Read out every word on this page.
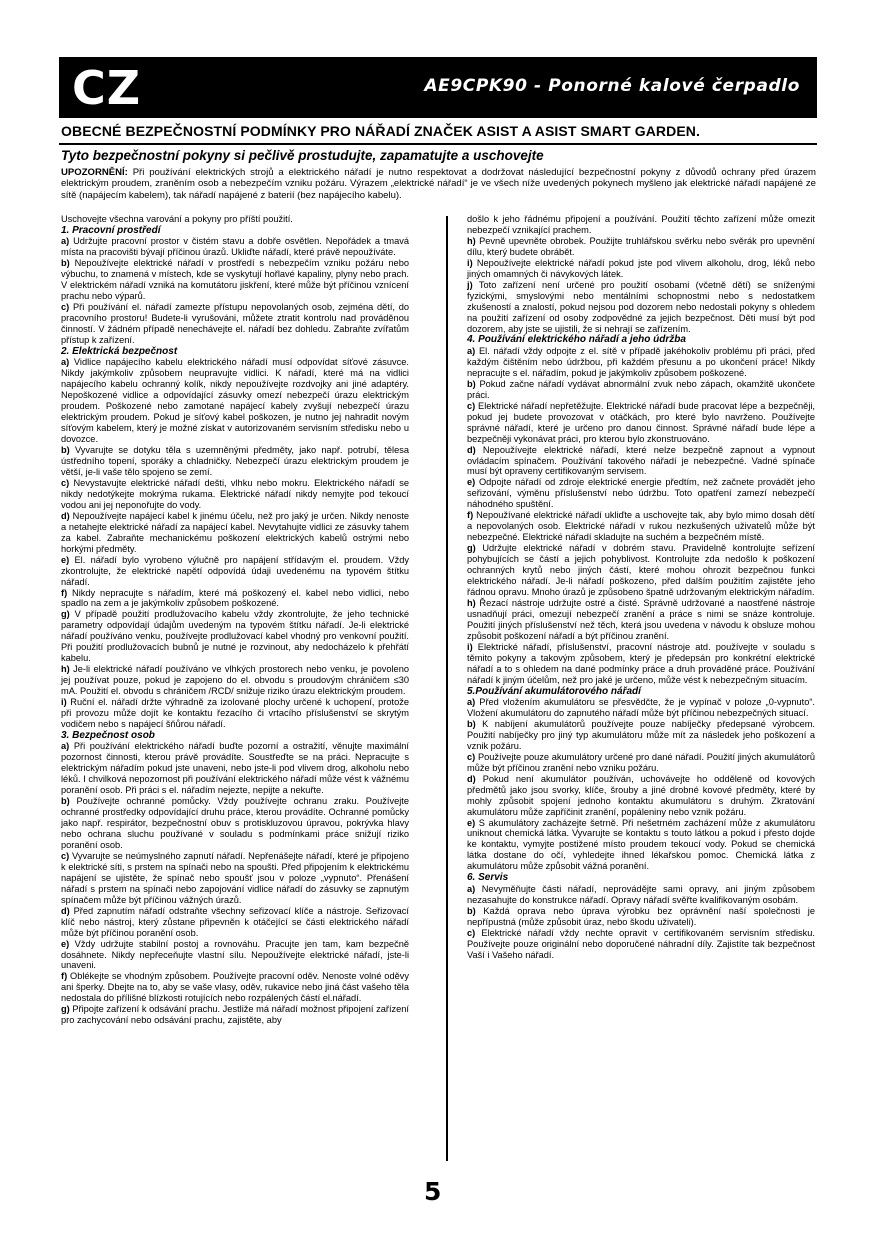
CZ	AE9CPK90 - Ponorné kalové čerpadlo
OBECNÉ BEZPEČNOSTNÍ PODMÍNKY PRO NÁŘADÍ ZNAČEK ASIST A ASIST SMART GARDEN.
Tyto bezpečnostní pokyny si pečlivě prostudujte, zapamatujte a uschovejte
UPOZORNĚNÍ: Při používání elektrických strojů a elektrického nářadí je nutno respektovat a dodržovat následující bezpečnostní pokyny z důvodů ochrany před úrazem elektrickým proudem, zraněním osob a nebezpečím vzniku požáru. Výrazem „elektrické nářadí“ je ve všech níže uvedených pokynech myšleno jak elektrické nářadí napájené ze sítě (napájecím kabelem), tak nářadí napájené z baterií (bez napájecího kabelu).

Uschovejte všechna varování a pokyny pro příští použití.

1. Pracovní prostředí

a) Udržujte pracovní prostor v čistém stavu a dobře osvětlen. Nepořádek a tmavá místa na pracovišti bývají příčinou úrazů. Ukliďte nářadí, které právě nepoužíváte.

b) Nepoužívejte elektrické nářadí v prostředí s nebezpečím vzniku požáru nebo výbuchu, to znamená v místech, kde se vyskytují hořlavé kapaliny, plyny nebo prach. V elektrickém nářadí vzniká na komutátoru jiskření, které může být příčinou vznícení prachu nebo výparů.

c) Při používání el. nářadí zamezte přístupu nepovolaných osob, zejména dětí, do pracovního prostoru! Budete-li vyrušováni, můžete ztratit kontrolu nad prováděnou činností. V žádném případě nenechávejte el. nářadí bez dohledu. Zabraňte zvířatům přístup k zařízení.

2. Elektrická bezpečnost

a) Vidlice napájecího kabelu elektrického nářadí musí odpovídat síťové zásuvce. Nikdy jakýmkoliv způsobem neupravujte vidlici. K nářadí, které má na vidlici napájecího kabelu ochranný kolík, nikdy nepoužívejte rozdvojky ani jiné adaptéry. Nepoškozené vidlice a odpovídající zásuvky omezí nebezpečí úrazu elektrickým proudem. Poškozené nebo zamotané napájecí kabely zvyšují nebezpečí úrazu elektrickým proudem. Pokud je síťový kabel poškozen, je nutno jej nahradit novým síťovým kabelem, který je možné získat v autorizovaném servisním středisku nebo u dovozce.

b) Vyvarujte se dotyku těla s uzemněnými předměty, jako např. potrubí, tělesa ústředního topení, sporáky a chladničky. Nebezpečí úrazu elektrickým proudem je větší, je-li vaše tělo spojeno se zemí.

c) Nevystavujte elektrické nářadí dešti, vlhku nebo mokru. Elektrického nářadí se nikdy nedotýkejte mokrýma rukama. Elektrické nářadí nikdy nemyjte pod tekoucí vodou ani jej neponořujte do vody.

d) Nepoužívejte napájecí kabel k jinému účelu, než pro jaký je určen. Nikdy nenoste a netahejte elektrické nářadí za napájecí kabel. Nevytahujte vidlici ze zásuvky tahem za kabel. Zabraňte mechanickému poškození elektrických kabelů ostrými nebo horkými předměty.

e) El. nářadí bylo vyrobeno výlučně pro napájení střídavým el. proudem. Vždy zkontrolujte, že elektrické napětí odpovídá údaji uvedenému na typovém štítku nářadí.

f) Nikdy nepracujte s nářadím, které má poškozený el. kabel nebo vidlici, nebo spadlo na zem a je jakýmkoliv způsobem poškozené.

g) V případě použití prodlužovacího kabelu vždy zkontrolujte, že jeho technické parametry odpovídají údajům uvedeným na typovém štítku nářadí. Je-li elektrické nářadí používáno venku, používejte prodlužovací kabel vhodný pro venkovní použití. Při použití prodlužovacích bubnů je nutné je rozvinout, aby nedocházelo k přehřátí kabelu.

h) Je-li elektrické nářadí používáno ve vlhkých prostorech nebo venku, je povoleno jej používat pouze, pokud je zapojeno do el. obvodu s proudovým chráničem ≤30 mA. Použití el. obvodu s chráničem /RCD/ snižuje riziko úrazu elektrickým proudem.

i) Ruční el. nářadí držte výhradně za izolované plochy určené k uchopení, protože při provozu může dojít ke kontaktu řezacího či vrtacího příslušenství se skrytým vodičem nebo s napájecí šňůrou nářadí.

3. Bezpečnost osob

a) Při používání elektrického nářadí buďte pozorní a ostražití, věnujte maximální pozornost činnosti, kterou právě provádíte. Soustřeďte se na práci. Nepracujte s elektrickým nářadím pokud jste unaveni, nebo jste-li pod vlivem drog, alkoholu nebo léků. I chvilková nepozornost při používání elektrického nářadí může vést k vážnému poranění osob. Při práci s el. nářadím nejezte, nepijte a nekuřte.

b) Používejte ochranné pomůcky. Vždy používejte ochranu zraku. Používejte ochranné prostředky odpovídající druhu práce, kterou provádíte. Ochranné pomůcky jako např. respirátor, bezpečnostní obuv s protiskluzovou úpravou, pokrývka hlavy nebo ochrana sluchu používané v souladu s podmínkami práce snižují riziko poranění osob.

c) Vyvarujte se neúmyslného zapnutí nářadí. Nepřenášejte nářadí, které je připojeno k elektrické síti, s prstem na spínači nebo na spoušti. Před připojením k elektrickému napájení se ujistěte, že spínač nebo spoušť jsou v poloze „vypnuto“. Přenášení nářadí s prstem na spínači nebo zapojování vidlice nářadí do zásuvky se zapnutým spínačem může být příčinou vážných úrazů.

d) Před zapnutím nářadí odstraňte všechny seřizovací klíče a nástroje. Seřizovací klíč nebo nástroj, který zůstane připevněn k otáčející se části elektrického nářadí může být příčinou poranění osob.

e) Vždy udržujte stabilní postoj a rovnováhu. Pracujte jen tam, kam bezpečně dosáhnete. Nikdy nepřeceňujte vlastní sílu. Nepoužívejte elektrické nářadí, jste-li unaveni.

f) Oblékejte se vhodným způsobem. Používejte pracovní oděv. Nenoste volné oděvy ani šperky. Dbejte na to, aby se vaše vlasy, oděv, rukavice nebo jiná část vašeho těla nedostala do přílišné blízkosti rotujících nebo rozpálených částí el.nářadí.

g) Připojte zařízení k odsávání prachu. Jestliže má nářadí možnost připojení zařízení pro zachycování nebo odsávání prachu, zajistěte, aby

došlo k jeho řádnému připojení a používání. Použití těchto zařízení může omezit nebezpečí vznikající prachem.

h) Pevně upevněte obrobek. Použijte truhlářskou svěrku nebo svěrák pro upevnění dílu, který budete obrábět.

i) Nepoužívejte elektrické nářadí pokud jste pod vlivem alkoholu, drog, léků nebo jiných omamných či návykových látek.

j) Toto zařízení není určené pro použití osobami (včetně dětí) se sníženými fyzickými, smyslovými nebo mentálními schopnostmi nebo s nedostatkem zkušeností a znalostí, pokud nejsou pod dozorem nebo nedostali pokyny s ohledem na použití zařízení od osoby zodpovědné za jejich bezpečnost. Děti musí být pod dozorem, aby jste se ujistili, že si nehrají se zařízením.

4. Používání elektrického nářadí a jeho údržba

a) El. nářadí vždy odpojte z el. sítě v případě jakéhokoliv problému při práci, před každým čištěním nebo údržbou, při každém přesunu a po ukončení práce! Nikdy nepracujte s el. nářadím, pokud je jakýmkoliv způsobem poškozené.

b) Pokud začne nářadí vydávat abnormální zvuk nebo zápach, okamžitě ukončete práci.

c) Elektrické nářadí nepřetěžujte. Elektrické nářadí bude pracovat lépe a bezpečněji, pokud jej budete provozovat v otáčkách, pro které bylo navrženo. Používejte správné nářadí, které je určeno pro danou činnost. Správné nářadí bude lépe a bezpečněji vykonávat práci, pro kterou bylo zkonstruováno.

d) Nepoužívejte elektrické nářadí, které nelze bezpečně zapnout a vypnout ovládacím spínačem. Používání takového nářadí je nebezpečné. Vadné spínače musí být opraveny certifikovaným servisem.

e) Odpojte nářadí od zdroje elektrické energie předtím, než začnete provádět jeho seřizování, výměnu příslušenství nebo údržbu. Toto opatření zamezí nebezpečí náhodného spuštění.

f) Nepoužívané elektrické nářadí ukliďte a uschovejte tak, aby bylo mimo dosah dětí a nepovolaných osob. Elektrické nářadí v rukou nezkušených uživatelů může být nebezpečné. Elektrické nářadí skladujte na suchém a bezpečném místě.

g) Udržujte elektrické nářadí v dobrém stavu. Pravidelně kontrolujte seřízení pohybujících se částí a jejich pohyblivost. Kontrolujte zda nedošlo k poškození ochranných krytů nebo jiných částí, které mohou ohrozit bezpečnou funkci elektrického nářadí. Je-li nářadí poškozeno, před dalším použitím zajistěte jeho řádnou opravu. Mnoho úrazů je způsobeno špatně udržovaným elektrickým nářadím.

h) Řezací nástroje udržujte ostré a čisté. Správně udržované a naostřené nástroje usnadňují práci, omezují nebezpečí zranění a práce s nimi se snáze kontroluje. Použití jiných příslušenství než těch, která jsou uvedena v návodu k obsluze mohou způsobit poškození nářadí a být příčinou zranění.

i) Elektrické nářadí, příslušenství, pracovní nástroje atd. používejte v souladu s těmito pokyny a takovým způsobem, který je předepsán pro konkrétní elektrické nářadí a to s ohledem na dané podmínky práce a druh prováděné práce. Používání nářadí k jiným účelům, než pro jaké je určeno, může vést k nebezpečným situacím.

5.Používání akumulátorového nářadí

a) Před vložením akumulátoru se přesvědčte, že je vypínač v poloze „0-vypnuto“. Vložení akumulátoru do zapnutého nářadí může být příčinou nebezpečných situací.

b) K nabíjení akumulátorů používejte pouze nabíječky předepsané výrobcem. Použití nabíječky pro jiný typ akumulátoru může mít za následek jeho poškození a vznik požáru.

c) Používejte pouze akumulátory určené pro dané nářadí. Použití jiných akumulátorů může být příčinou zranění nebo vzniku požáru.

d) Pokud není akumulátor používán, uchovávejte ho odděleně od kovových předmětů jako jsou svorky, klíče, šrouby a jiné drobné kovové předměty, které by mohly způsobit spojení jednoho kontaktu akumulátoru s druhým. Zkratování akumulátoru může zapříčinit zranění, popáleniny nebo vznik požáru.

e) S akumulátory zacházejte šetrně. Při nešetrném zacházení může z akumulátoru uniknout chemická látka. Vyvarujte se kontaktu s touto látkou a pokud i přesto dojde ke kontaktu, vymyjte postižené místo proudem tekoucí vody. Pokud se chemická látka dostane do očí, vyhledejte ihned lékařskou pomoc. Chemická látka z akumulátoru může způsobit vážná poranění.

6. Servis

a) Nevyměňujte části nářadí, neprovádějte sami opravy, ani jiným způsobem nezasahujte do konstrukce nářadí. Opravy nářadí svěřte kvalifikovaným osobám.

b) Každá oprava nebo úprava výrobku bez oprávnění naší společnosti je nepřípustná (může způsobit úraz, nebo škodu uživateli).

c) Elektrické nářadí vždy nechte opravit v certifikovaném servisním středisku. Používejte pouze originální nebo doporučené náhradní díly. Zajistíte tak bezpečnost Vaší i Vašeho nářadí.

5
